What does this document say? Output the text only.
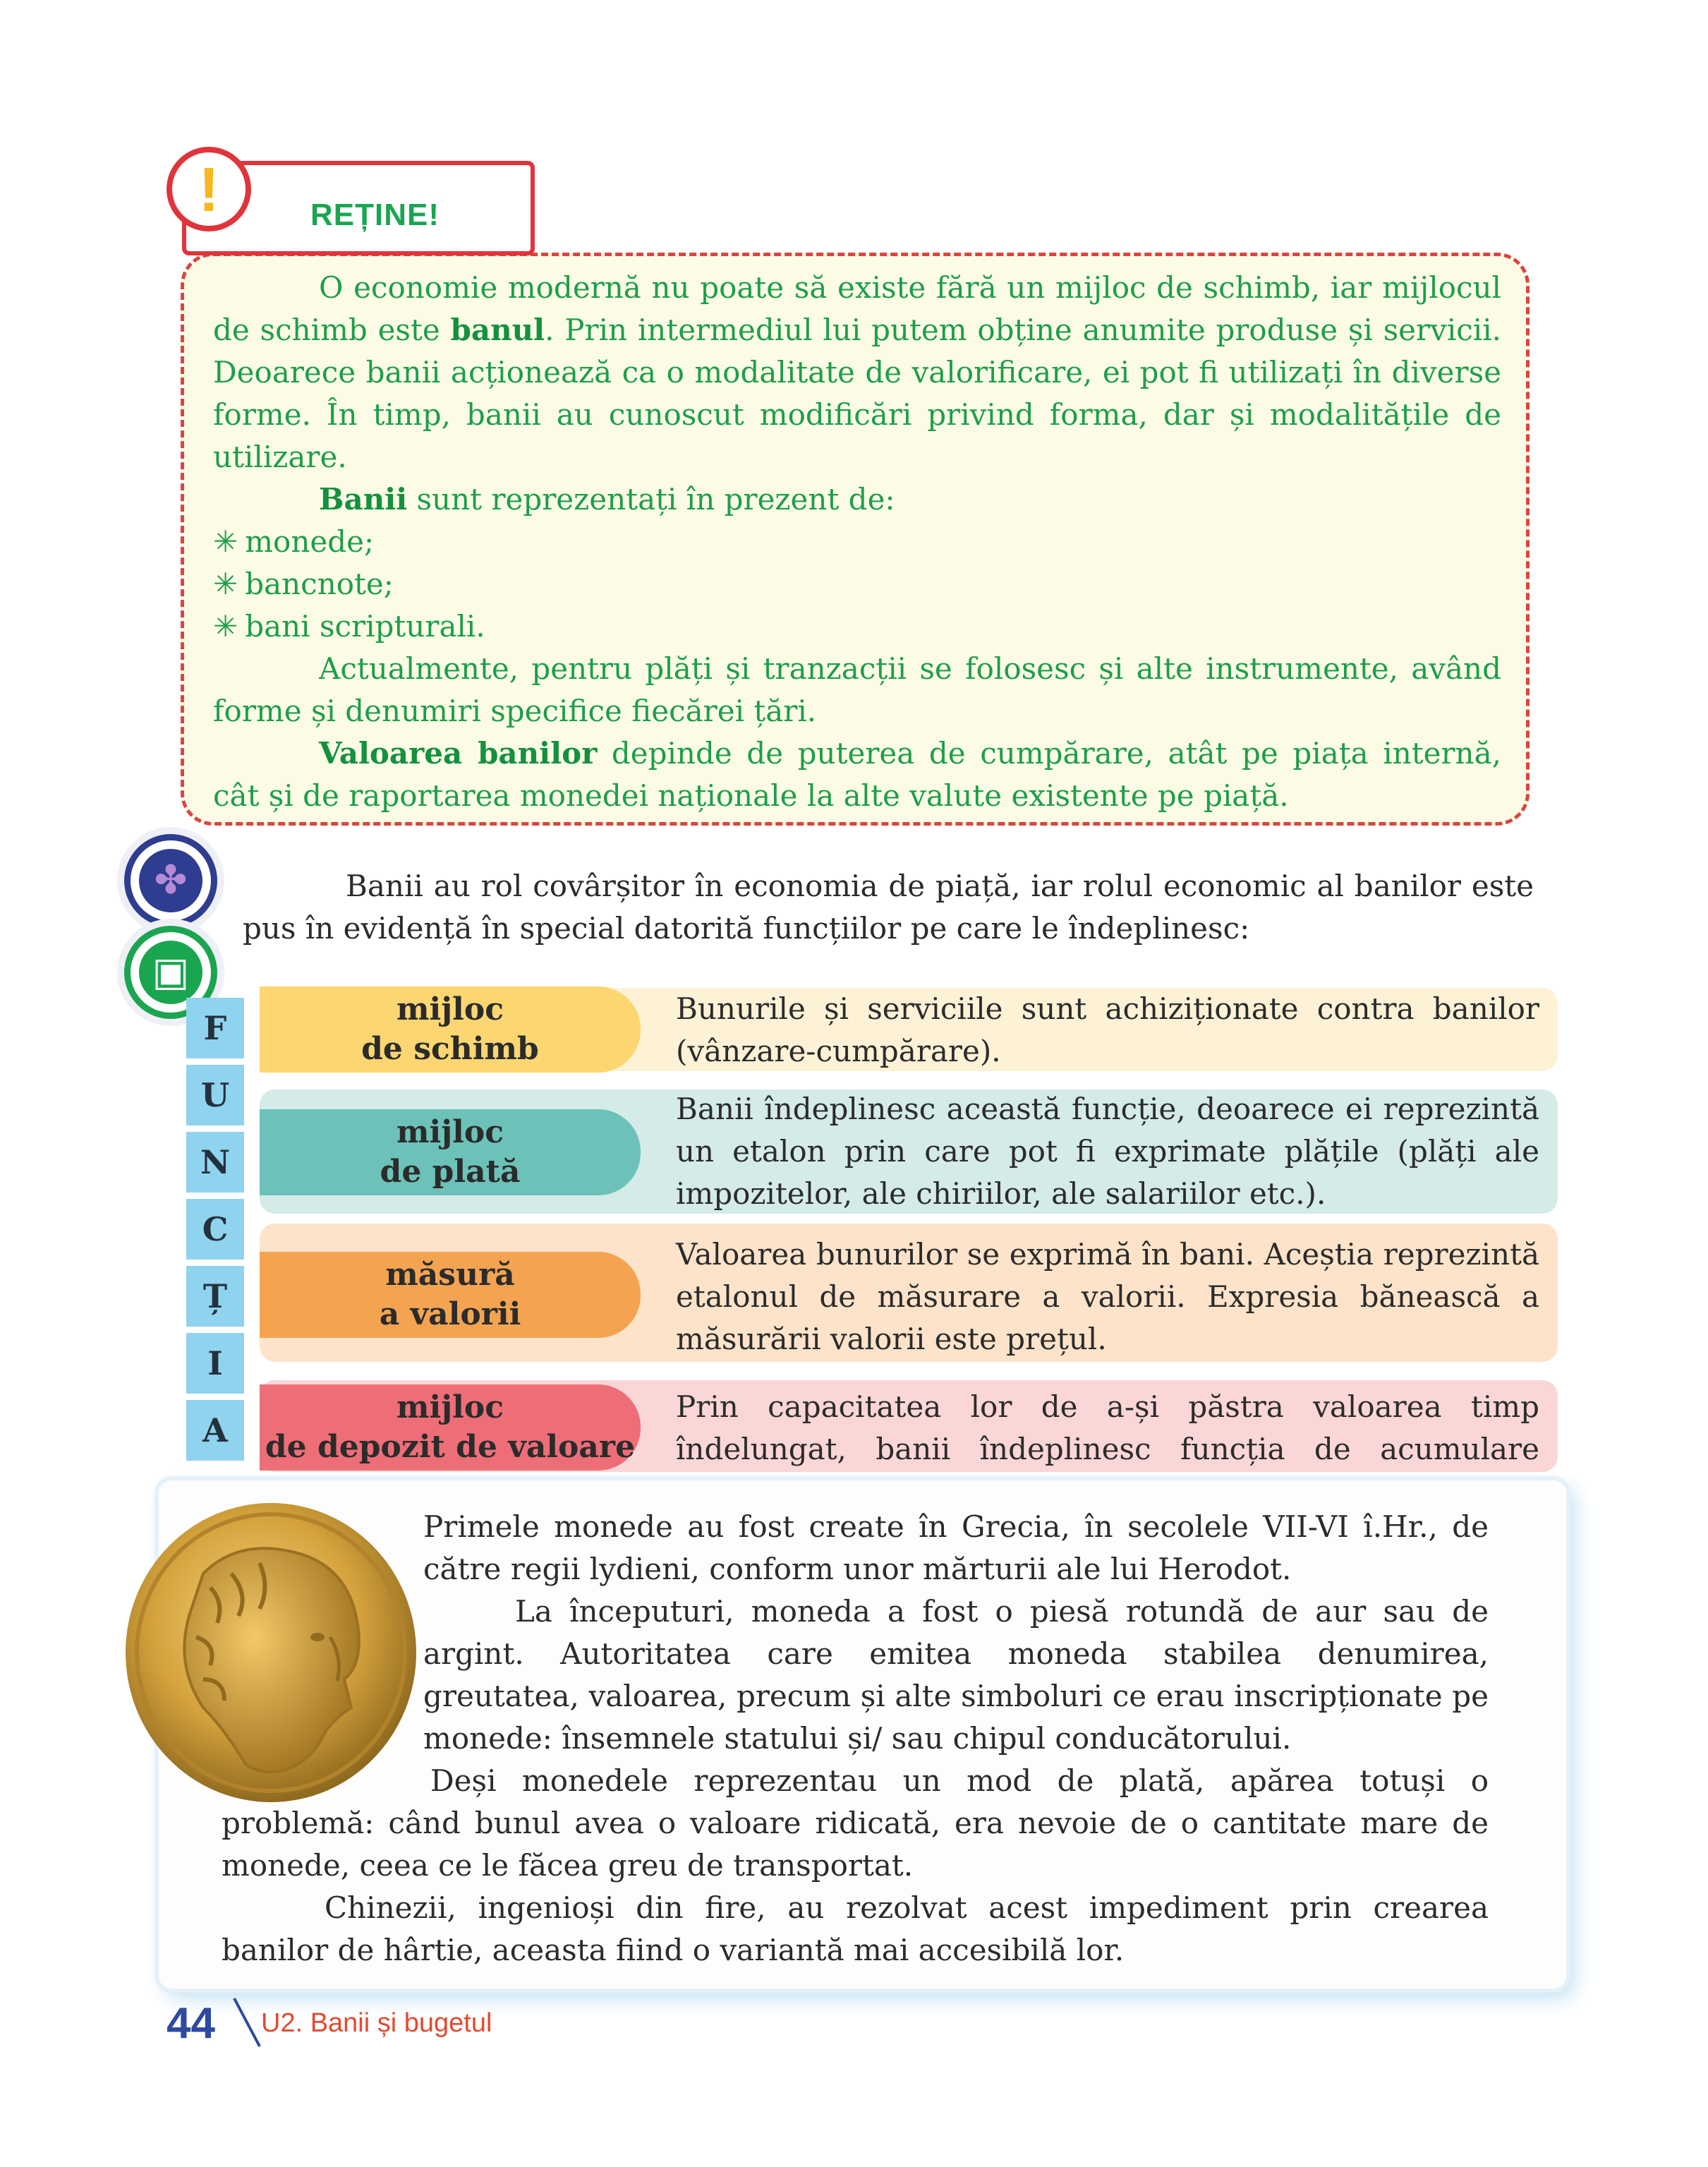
REȚINE!
!

O economie modernă nu poate să existe fără un mijloc de schimb, iar mijlocul de schimb este banul. Prin intermediul lui putem obține anumite produse și servicii. Deoarece banii acționează ca o modalitate de valorificare, ei pot fi utilizați în diverse forme. În timp, banii au cunoscut modificări privind forma, dar și modalitățile de utilizare.

Banii sunt reprezentați în prezent de:

✳ monede;

✳ bancnote;

✳ bani scripturali.

Actualmente, pentru plăți și tranzacții se folosesc și alte instrumente, având forme și denumiri specifice fiecărei țări.

Valoarea banilor depinde de puterea de cumpărare, atât pe piața internă, cât și de raportarea monedei naționale la alte valute existente pe piață.

✤
▣

Banii au rol covârșitor în economia de piață, iar rolul economic al banilor este pus în evidență în special datorită funcțiilor pe care le îndeplinesc:

F
U
N
C
Ț
I
A
mijloc
de schimb
Bunurile și serviciile sunt achiziționate contra banilor (vânzare-cumpărare).
mijloc
de plată
Banii îndeplinesc această funcție, deoarece ei reprezintă un etalon prin care pot fi exprimate plățile (plăți ale impozitelor, ale chiriilor, ale salariilor etc.).
măsură
a valorii
Valoarea bunurilor se exprimă în bani. Aceștia reprezintă etalonul de măsurare a valorii. Expresia bănească a măsurării valorii este prețul.
mijloc
de depozit de valoare
Prin capacitatea lor de a-și păstra valoarea timp îndelungat, banii îndeplinesc funcția de acumulare

Primele monede au fost create în Grecia, în secolele VII-VI î.Hr., de către regii lydieni, conform unor mărturii ale lui Herodot.

La începuturi, moneda a fost o piesă rotundă de aur sau de argint. Autoritatea care emitea moneda stabilea denumirea, greutatea, valoarea, precum și alte simboluri ce erau inscripționate pe monede: însemnele statului și/ sau chipul conducătorului.

Deși monedele reprezentau un mod de plată, apărea totuși o problemă: când bunul avea o valoare ridicată, era nevoie de o cantitate mare de monede, ceea ce le făcea greu de transportat.

Chinezii, ingenioși din fire, au rezolvat acest impediment prin crearea banilor de hârtie, aceasta fiind o variantă mai accesibilă lor.

44 U2. Banii și bugetul
